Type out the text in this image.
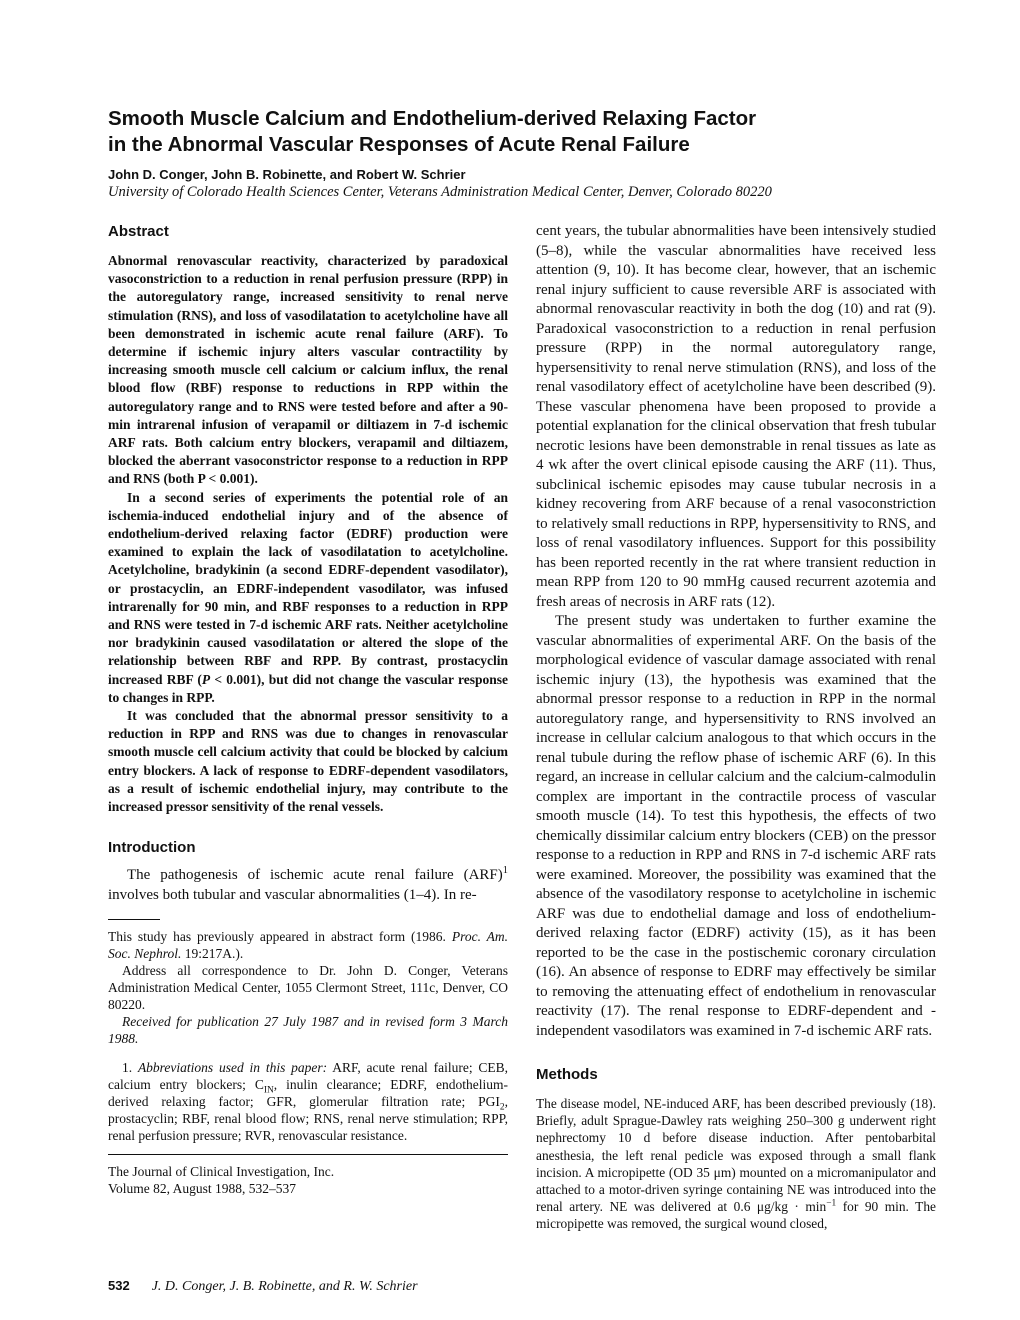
Smooth Muscle Calcium and Endothelium-derived Relaxing Factor
in the Abnormal Vascular Responses of Acute Renal Failure

John D. Conger, John B. Robinette, and Robert W. Schrier

University of Colorado Health Sciences Center, Veterans Administration Medical Center, Denver, Colorado 80220

Abstract

Abnormal renovascular reactivity, characterized by paradoxical vasoconstriction to a reduction in renal perfusion pressure (RPP) in the autoregulatory range, increased sensitivity to renal nerve stimulation (RNS), and loss of vasodilatation to acetylcholine have all been demonstrated in ischemic acute renal failure (ARF). To determine if ischemic injury alters vascular contractility by increasing smooth muscle cell calcium or calcium influx, the renal blood flow (RBF) response to reductions in RPP within the autoregulatory range and to RNS were tested before and after a 90-min intrarenal infusion of verapamil or diltiazem in 7-d ischemic ARF rats. Both calcium entry blockers, verapamil and diltiazem, blocked the aberrant vasoconstrictor response to a reduction in RPP and RNS (both P < 0.001).

In a second series of experiments the potential role of an ischemia-induced endothelial injury and of the absence of endothelium-derived relaxing factor (EDRF) production were examined to explain the lack of vasodilatation to acetylcholine. Acetylcholine, bradykinin (a second EDRF-dependent vasodilator), or prostacyclin, an EDRF-independent vasodilator, was infused intrarenally for 90 min, and RBF responses to a reduction in RPP and RNS were tested in 7-d ischemic ARF rats. Neither acetylcholine nor bradykinin caused vasodilatation or altered the slope of the relationship between RBF and RPP. By contrast, prostacyclin increased RBF (P < 0.001), but did not change the vascular response to changes in RPP.

It was concluded that the abnormal pressor sensitivity to a reduction in RPP and RNS was due to changes in renovascular smooth muscle cell calcium activity that could be blocked by calcium entry blockers. A lack of response to EDRF-dependent vasodilators, as a result of ischemic endothelial injury, may contribute to the increased pressor sensitivity of the renal vessels.

Introduction

The pathogenesis of ischemic acute renal failure (ARF)$^1$ involves both tubular and vascular abnormalities (1–4). In re-

This study has previously appeared in abstract form (1986. Proc. Am. Soc. Nephrol. 19:217A.).

Address all correspondence to Dr. John D. Conger, Veterans Administration Medical Center, 1055 Clermont Street, 111c, Denver, CO 80220.

Received for publication 27 July 1987 and in revised form 3 March 1988.

1. Abbreviations used in this paper: ARF, acute renal failure; CEB, calcium entry blockers; $C_{IN}$, inulin clearance; EDRF, endothelium-derived relaxing factor; GFR, glomerular filtration rate; $PGI_2$, prostacyclin; RBF, renal blood flow; RNS, renal nerve stimulation; RPP, renal perfusion pressure; RVR, renovascular resistance.

The Journal of Clinical Investigation, Inc.

Volume 82, August 1988, 532–537

cent years, the tubular abnormalities have been intensively studied (5–8), while the vascular abnormalities have received less attention (9, 10). It has become clear, however, that an ischemic renal injury sufficient to cause reversible ARF is associated with abnormal renovascular reactivity in both the dog (10) and rat (9). Paradoxical vasoconstriction to a reduction in renal perfusion pressure (RPP) in the normal autoregulatory range, hypersensitivity to renal nerve stimulation (RNS), and loss of the renal vasodilatory effect of acetylcholine have been described (9). These vascular phenomena have been proposed to provide a potential explanation for the clinical observation that fresh tubular necrotic lesions have been demonstrable in renal tissues as late as 4 wk after the overt clinical episode causing the ARF (11). Thus, subclinical ischemic episodes may cause tubular necrosis in a kidney recovering from ARF because of a renal vasoconstriction to relatively small reductions in RPP, hypersensitivity to RNS, and loss of renal vasodilatory influences. Support for this possibility has been reported recently in the rat where transient reduction in mean RPP from 120 to 90 mmHg caused recurrent azotemia and fresh areas of necrosis in ARF rats (12).

The present study was undertaken to further examine the vascular abnormalities of experimental ARF. On the basis of the morphological evidence of vascular damage associated with renal ischemic injury (13), the hypothesis was examined that the abnormal pressor response to a reduction in RPP in the normal autoregulatory range, and hypersensitivity to RNS involved an increase in cellular calcium analogous to that which occurs in the renal tubule during the reflow phase of ischemic ARF (6). In this regard, an increase in cellular calcium and the calcium-calmodulin complex are important in the contractile process of vascular smooth muscle (14). To test this hypothesis, the effects of two chemically dissimilar calcium entry blockers (CEB) on the pressor response to a reduction in RPP and RNS in 7-d ischemic ARF rats were examined. Moreover, the possibility was examined that the absence of the vasodilatory response to acetylcholine in ischemic ARF was due to endothelial damage and loss of endothelium-derived relaxing factor (EDRF) activity (15), as it has been reported to be the case in the postischemic coronary circulation (16). An absence of response to EDRF may effectively be similar to removing the attenuating effect of endothelium in renovascular reactivity (17). The renal response to EDRF-dependent and -independent vasodilators was examined in 7-d ischemic ARF rats.

Methods

The disease model, NE-induced ARF, has been described previously (18). Briefly, adult Sprague-Dawley rats weighing 250–300 g underwent right nephrectomy 10 d before disease induction. After pentobarbital anesthesia, the left renal pedicle was exposed through a small flank incision. A micropipette (OD 35 μm) mounted on a micromanipulator and attached to a motor-driven syringe containing NE was introduced into the renal artery. NE was delivered at 0.6 $\mu g/kg \cdot \min^{-1}$ for 90 min. The micropipette was removed, the surgical wound closed,

532 J. D. Conger, J. B. Robinette, and R. W. Schrier
